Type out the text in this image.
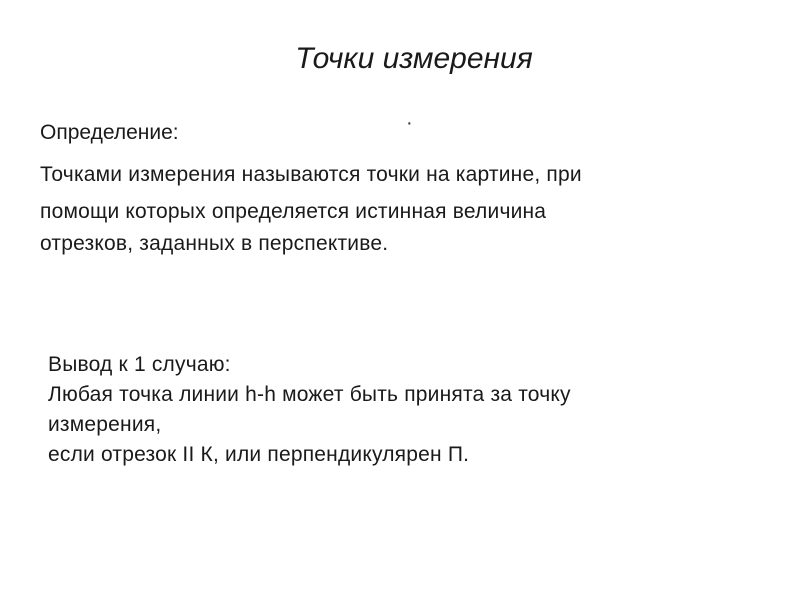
Точки измерения
Определение:	·
Точками измерения называются точки на картине, при
помощи которых определяется истинная величина
отрезков, заданных в перспективе.
Вывод к 1 случаю:
Любая точка линии h-h может быть принята за точку
измерения,
если отрезок II К, или перпендикулярен П.
